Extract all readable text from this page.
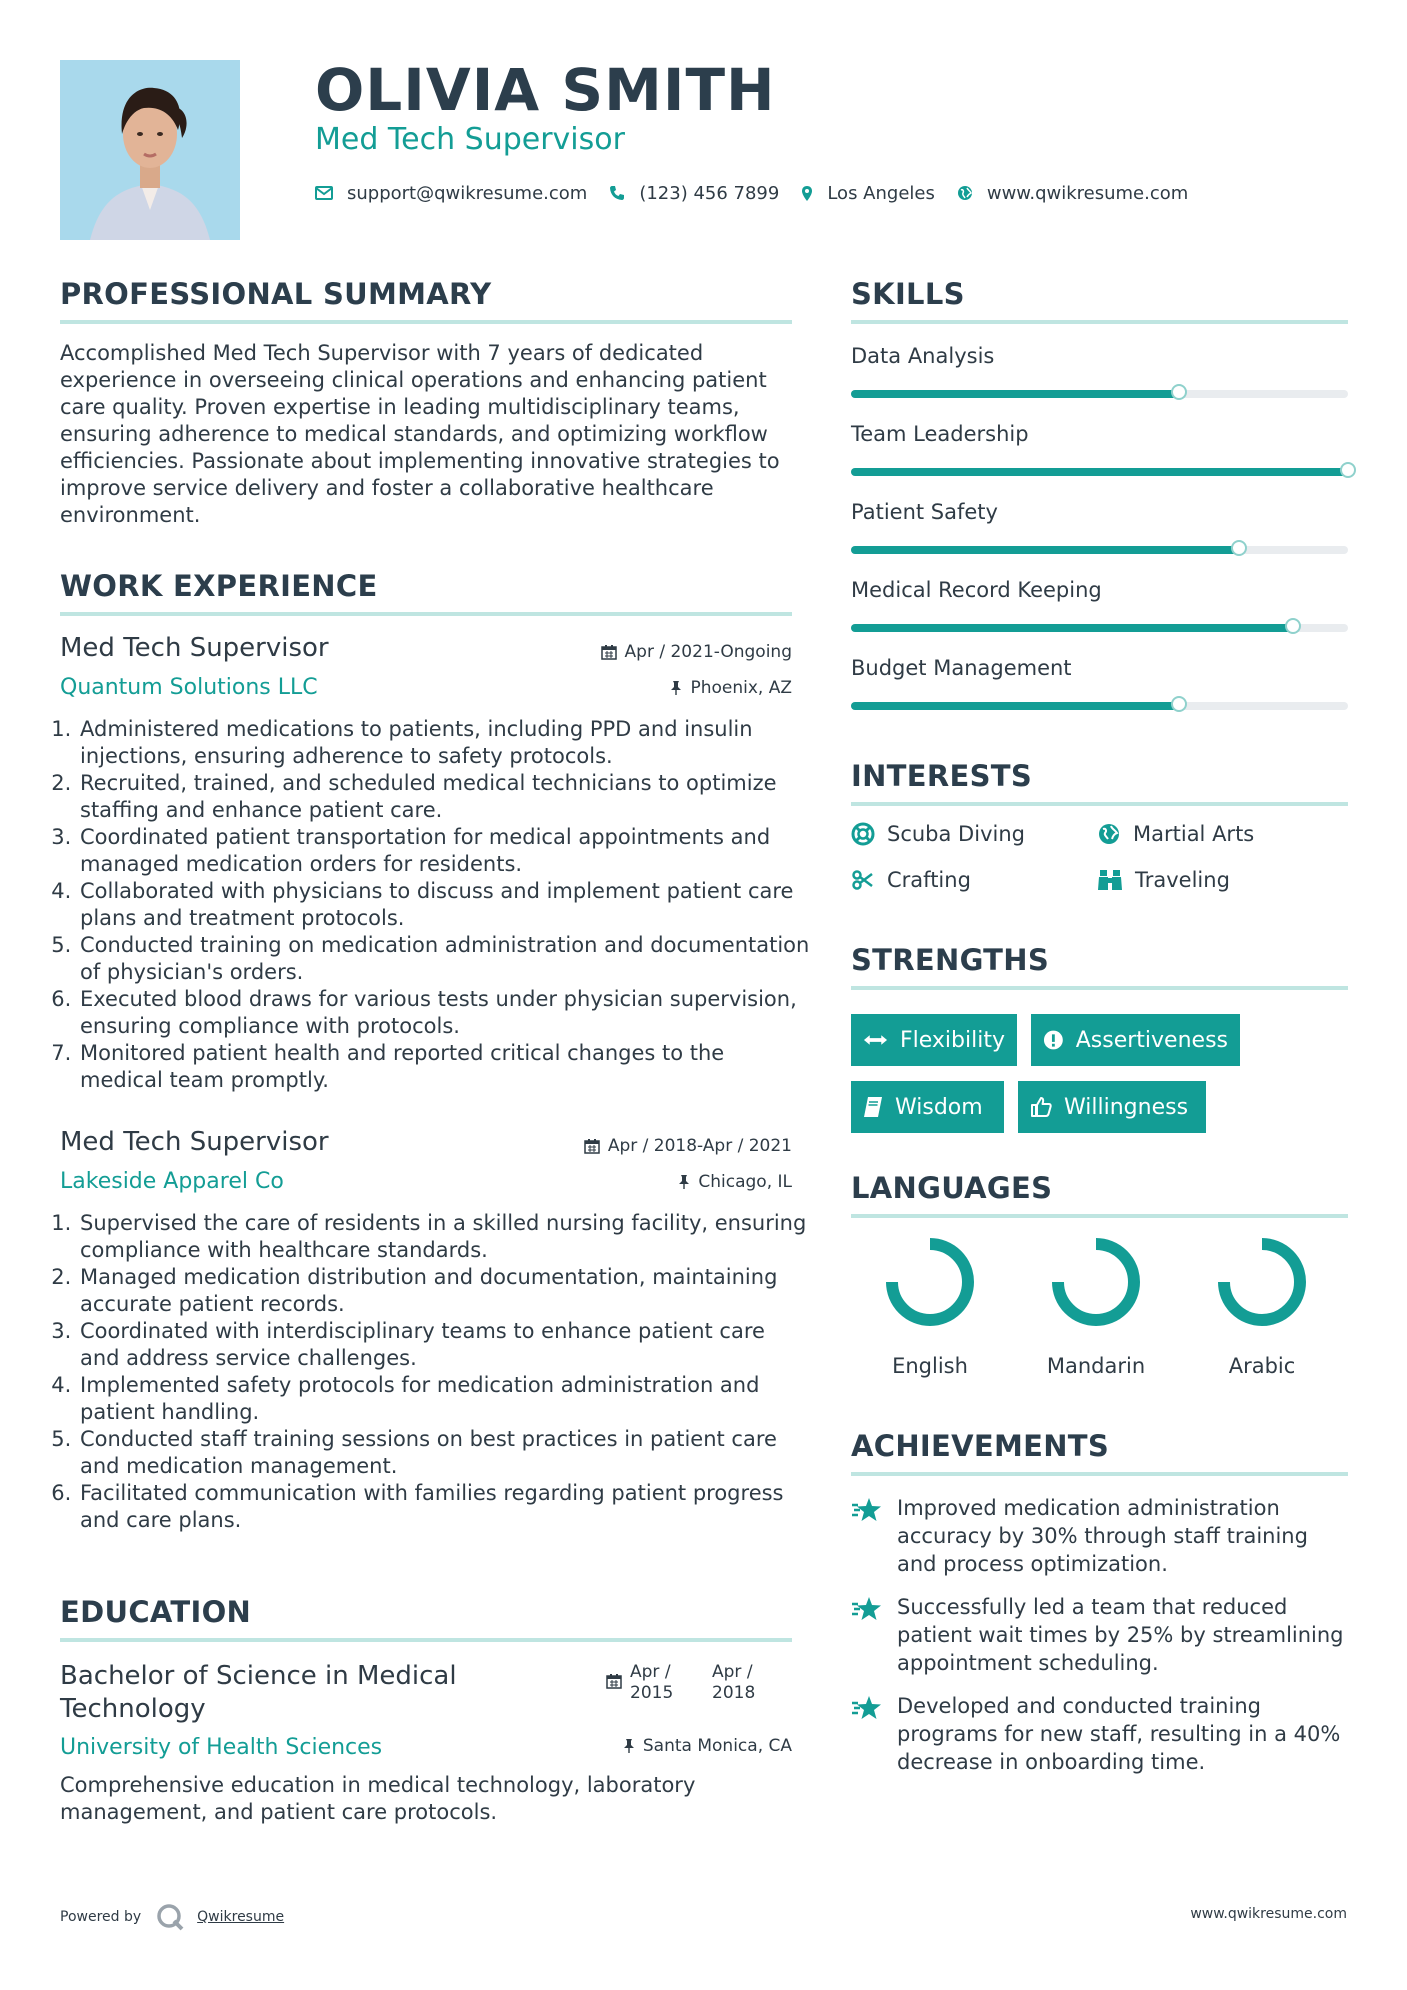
OLIVIA SMITH
Med Tech Supervisor
support@qwikresume.com	(123) 456 7899	Los Angeles	www.qwikresume.com
PROFESSIONAL SUMMARY
Accomplished Med Tech Supervisor with 7 years of dedicated experience in overseeing clinical operations and enhancing patient care quality. Proven expertise in leading multidisciplinary teams, ensuring adherence to medical standards, and optimizing workflow efficiencies. Passionate about implementing innovative strategies to improve service delivery and foster a collaborative healthcare environment.
WORK EXPERIENCE
Med Tech Supervisor	Apr / 2021-Ongoing
Quantum Solutions LLC	Phoenix, AZ
1. Administered medications to patients, including PPD and insulin injections, ensuring adherence to safety protocols.
2. Recruited, trained, and scheduled medical technicians to optimize staffing and enhance patient care.
3. Coordinated patient transportation for medical appointments and managed medication orders for residents.
4. Collaborated with physicians to discuss and implement patient care plans and treatment protocols.
5. Conducted training on medication administration and documentation of physician's orders.
6. Executed blood draws for various tests under physician supervision, ensuring compliance with protocols.
7. Monitored patient health and reported critical changes to the medical team promptly.
Med Tech Supervisor	Apr / 2018-Apr / 2021
Lakeside Apparel Co	Chicago, IL
1. Supervised the care of residents in a skilled nursing facility, ensuring compliance with healthcare standards.
2. Managed medication distribution and documentation, maintaining accurate patient records.
3. Coordinated with interdisciplinary teams to enhance patient care and address service challenges.
4. Implemented safety protocols for medication administration and patient handling.
5. Conducted staff training sessions on best practices in patient care and medication management.
6. Facilitated communication with families regarding patient progress and care plans.
EDUCATION
Bachelor of Science in Medical Technology
Apr /
2015
Apr /
2018
University of Health Sciences	Santa Monica, CA
Comprehensive education in medical technology, laboratory management, and patient care protocols.
SKILLS
Data Analysis
Team Leadership
Patient Safety
Medical Record Keeping
Budget Management
INTERESTS
Scuba Diving	Martial Arts
Crafting	Traveling
STRENGTHS
Flexibility	Assertiveness
Wisdom	Willingness
LANGUAGES
English	Mandarin	Arabic
ACHIEVEMENTS
Improved medication administration accuracy by 30% through staff training and process optimization.
Successfully led a team that reduced patient wait times by 25% by streamlining appointment scheduling.
Developed and conducted training programs for new staff, resulting in a 40% decrease in onboarding time.
Powered by	Qwikresume	www.qwikresume.com
